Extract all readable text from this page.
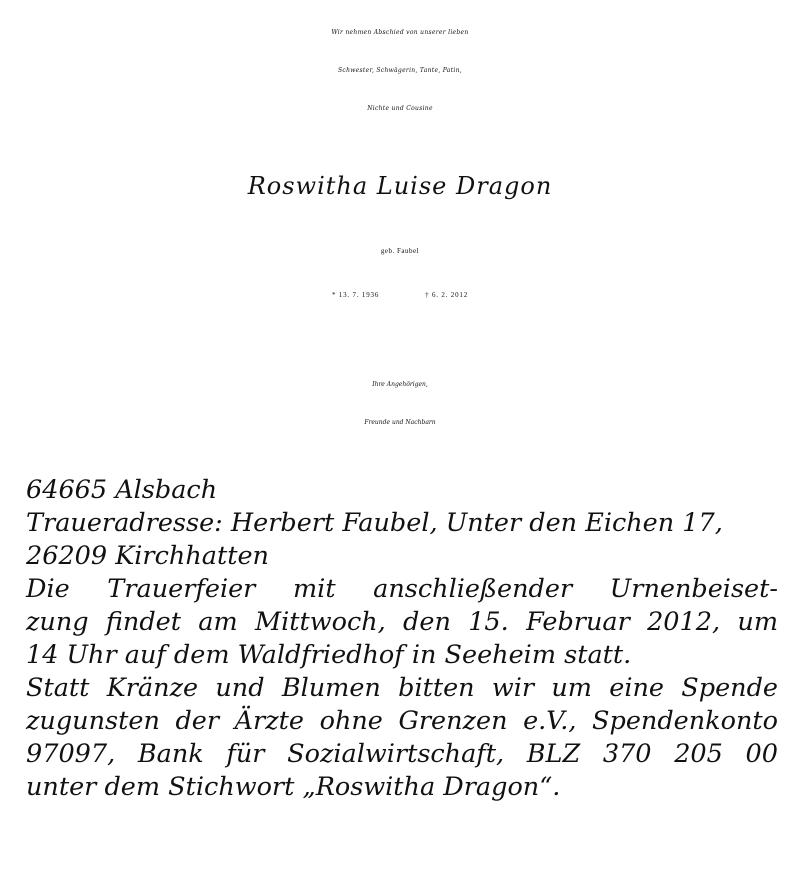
Wir nehmen Abschied von unserer lieben
Schwester, Schwägerin, Tante, Patin,
Nichte und Cousine
Roswitha Luise Dragon
geb. Faubel
* 13. 7. 1936	† 6. 2. 2012
Ihre Angehörigen,
Freunde und Nachbarn
64665 Alsbach
Traueradresse: Herbert Faubel, Unter den Eichen 17,
26209 Kirchhatten
Die Trauerfeier mit anschließender Urnenbeiset-
zung findet am Mittwoch, den 15. Februar 2012, um
14 Uhr auf dem Waldfriedhof in Seeheim statt.
Statt Kränze und Blumen bitten wir um eine Spende
zugunsten der Ärzte ohne Grenzen e.V., Spendenkonto
97097, Bank für Sozialwirtschaft, BLZ 370 205 00
unter dem Stichwort „Roswitha Dragon“.
